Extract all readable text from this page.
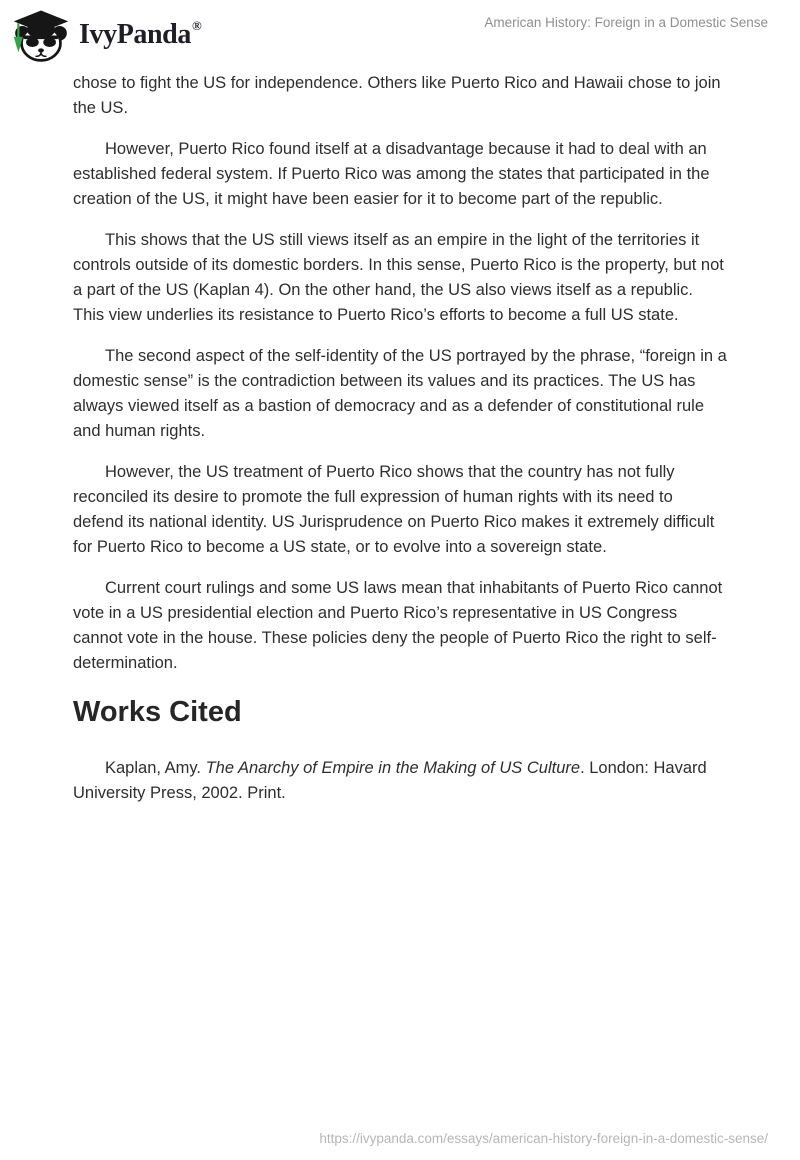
IvyPanda ®	American History: Foreign in a Domestic Sense

chose to fight the US for independence. Others like Puerto Rico and Hawaii chose to join the US.

However, Puerto Rico found itself at a disadvantage because it had to deal with an established federal system. If Puerto Rico was among the states that participated in the creation of the US, it might have been easier for it to become part of the republic.

This shows that the US still views itself as an empire in the light of the territories it controls outside of its domestic borders. In this sense, Puerto Rico is the property, but not a part of the US (Kaplan 4). On the other hand, the US also views itself as a republic. This view underlies its resistance to Puerto Rico’s efforts to become a full US state.

The second aspect of the self-identity of the US portrayed by the phrase, “foreign in a domestic sense” is the contradiction between its values and its practices. The US has always viewed itself as a bastion of democracy and as a defender of constitutional rule and human rights.

However, the US treatment of Puerto Rico shows that the country has not fully reconciled its desire to promote the full expression of human rights with its need to defend its national identity. US Jurisprudence on Puerto Rico makes it extremely difficult for Puerto Rico to become a US state, or to evolve into a sovereign state.

Current court rulings and some US laws mean that inhabitants of Puerto Rico cannot vote in a US presidential election and Puerto Rico’s representative in US Congress cannot vote in the house. These policies deny the people of Puerto Rico the right to self-determination.

Works Cited

Kaplan, Amy. The Anarchy of Empire in the Making of US Culture. London: Havard University Press, 2002. Print.

https://ivypanda.com/essays/american-history-foreign-in-a-domestic-sense/
